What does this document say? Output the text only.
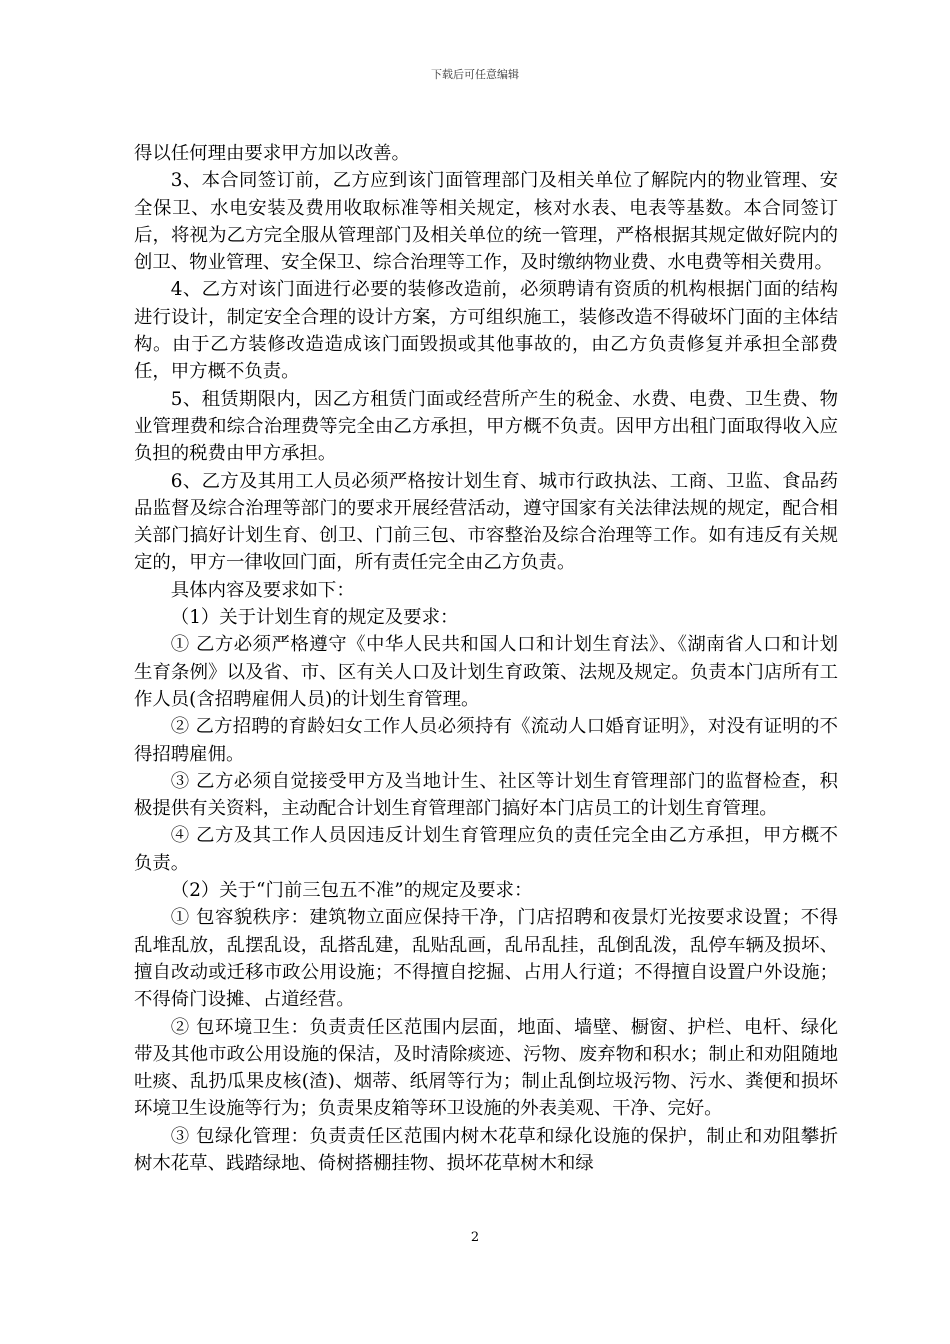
下载后可任意编辑

得以任何理由要求甲方加以改善。

3、本合同签订前，乙方应到该门面管理部门及相关单位了解院内的物业管理、安全保卫、水电安装及费用收取标准等相关规定，核对水表、电表等基数。本合同签订后，将视为乙方完全服从管理部门及相关单位的统一管理，严格根据其规定做好院内的创卫、物业管理、安全保卫、综合治理等工作，及时缴纳物业费、水电费等相关费用。

4、乙方对该门面进行必要的装修改造前，必须聘请有资质的机构根据门面的结构进行设计，制定安全合理的设计方案，方可组织施工，装修改造不得破坏门面的主体结构。由于乙方装修改造造成该门面毁损或其他事故的，由乙方负责修复并承担全部费任，甲方概不负责。

5、租赁期限内，因乙方租赁门面或经营所产生的税金、水费、电费、卫生费、物业管理费和综合治理费等完全由乙方承担，甲方概不负责。因甲方出租门面取得收入应负担的税费由甲方承担。

6、乙方及其用工人员必须严格按计划生育、城市行政执法、工商、卫监、食品药品监督及综合治理等部门的要求开展经营活动，遵守国家有关法律法规的规定，配合相关部门搞好计划生育、创卫、门前三包、市容整治及综合治理等工作。如有违反有关规定的，甲方一律收回门面，所有责任完全由乙方负责。

具体内容及要求如下：

（1）关于计划生育的规定及要求：

① 乙方必须严格遵守《中华人民共和国人口和计划生育法》、《湖南省人口和计划生育条例》以及省、市、区有关人口及计划生育政策、法规及规定。负责本门店所有工作人员(含招聘雇佣人员)的计划生育管理。

② 乙方招聘的育龄妇女工作人员必须持有《流动人口婚育证明》，对没有证明的不得招聘雇佣。

③ 乙方必须自觉接受甲方及当地计生、社区等计划生育管理部门的监督检查，积极提供有关资料，主动配合计划生育管理部门搞好本门店员工的计划生育管理。

④ 乙方及其工作人员因违反计划生育管理应负的责任完全由乙方承担，甲方概不负责。

（2）关于“门前三包五不准”的规定及要求：

① 包容貌秩序：建筑物立面应保持干净，门店招聘和夜景灯光按要求设置；不得乱堆乱放，乱摆乱设，乱搭乱建，乱贴乱画，乱吊乱挂，乱倒乱泼，乱停车辆及损坏、擅自改动或迁移市政公用设施；不得擅自挖掘、占用人行道；不得擅自设置户外设施；不得倚门设摊、占道经营。

② 包环境卫生：负责责任区范围内层面，地面、墙壁、橱窗、护栏、电杆、绿化带及其他市政公用设施的保洁，及时清除痰迹、污物、废弃物和积水；制止和劝阻随地吐痰、乱扔瓜果皮核(渣)、烟蒂、纸屑等行为；制止乱倒垃圾污物、污水、粪便和损坏环境卫生设施等行为；负责果皮箱等环卫设施的外表美观、干净、完好。

③ 包绿化管理：负责责任区范围内树木花草和绿化设施的保护，制止和劝阻攀折树木花草、践踏绿地、倚树搭棚挂物、损坏花草树木和绿

2
